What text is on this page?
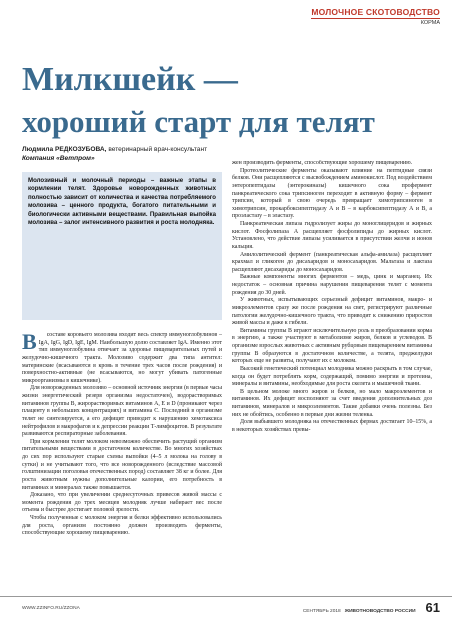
МОЛОЧНОЕ СКОТОВОДСТВО
КОРМА
Милкшейк —
хороший старт для телят
Людмила РЕДКОЗУБОВА, ветеринарный врач-консультант
Компания «Ветпром»
Молозивный и молочный периоды – важные этапы в кормлении телят. Здоровье новорожденных животных полностью зависит от количества и качества потребляемого молозива – ценного продукта, богатого питательными и биологически активными веществами. Правильная выпойка молозива – залог интенсивного развития и роста молодняка.

В составе коровьего молозива входит весь спектр иммуноглобулинов – IgA, IgG, IgD, IgE, IgM. Наибольшую долю составляет IgA. Именно этот тип иммуноглобулина отвечает за здоровье пищеварительных путей и желудочно-кишечного тракта. Молозиво содержит два типа антител: материнские (всасываются в кровь в течение трех часов после рождения) и поверхностно-активные (не всасываются, но могут убивать патогенные микроорганизмы в кишечнике).

Для новорожденных молозиво – основной источник энергии (в первые часы жизни энергетический резерв организма недостаточен), водорастворимых витаминов группы В, жирорастворимых витаминов А, Е и D (проникают через плаценту в небольших концентрациях) и витамина С. Последний в организме телят не синтезируется, а его дефицит приводит к нарушению хемотаксиса нейтрофилов и макрофагов и к депрессии реакции Т-лимфоцитов. В результате развиваются респираторные заболевания.

При кормлении телят молоком невозможно обеспечить растущий организм питательными веществами в достаточном количестве. Во многих хозяйствах до сих пор используют старые схемы выпойки (4–5 л молока на голову в сутки) и не учитывают того, что все новорожденного (вследствие массовой голштинизации поголовья отечественных пород) составляет 38 кг и более. Для роста животным нужны дополнительные калории, его потребность в витаминах и минералах также повышается.

Доказано, что при увеличении среднесуточных привесов живой массы с момента рождения до трех месяцев молодняк лучше набирает вес после отъема и быстрее достигает половой зрелости.

Чтобы полученные с молоком энергия и белки эффективно использовались для роста, организм постоянно должен производить ферменты, способствующие хорошему пищеварению.

жен производить ферменты, способствующие хорошему пищеварению.

Протеолитические ферменты оказывают влияние на пептидные связи белков. Они расщепляются с высвобождением аминокислот. Под воздействием энтеропептидазы (энтерокиназы) кишечного сока профермент панкреатического сока трипсиноген переходит в активную форму – фермент трипсин, который в свою очередь превращает химотрипсиноген в химотрипсин, прокарбоксипептидазу А и В – в карбоксипептидазу А и В, а проэластазу – в эластазу.

Панкреатическая липаза гидролизует жиры до моноглицеридов и жирных кислот. Фосфолипаза А расщепляет фосфолипиды до жирных кислот. Установлено, что действие липазы усиливается в присутствии желчи и ионов кальция.

Амилолитический фермент (панкреатическая альфа-амилаза) расщепляет крахмал и гликоген до дисахаридов и моносахаридов. Мальтаза и лактаза расщепляют дисахариды до моносахаридов.

Важные компоненты многих ферментов – медь, цинк и марганец. Их недостаток – основная причина нарушения пищеварения телят с момента рождения до 30 дней.

У животных, испытывающих серьезный дефицит витаминов, макро- и микроэлементов сразу же после рождения на свет, регистрируют различные патологии желудочно-кишечного тракта, что приводит к снижению приростов живой массы и даже к гибели.

Витамины группы В играют исключительную роль в преобразовании корма в энергию, а также участвуют в метаболизме жиров, белков и углеводов. В организме взрослых животных с активным рубцовым пищеварением витамины группы В образуются в достаточном количестве, а телята, преджелудки которых еще не развиты, получают их с молоком.

Высокий генетический потенциал молодняка можно раскрыть в том случае, когда он будет потреблять корм, содержащий, помимо энергии и протеина, минералы и витамины, необходимые для роста скелета и мышечной ткани.

В цельном молоке много жиров и белков, но мало макроэлементов и витаминов. Их дефицит восполняют за счет введения дополнительных доз витаминов, минералов и микроэлементов. Такие добавки очень полезны. Без них не обойтись, особенно в первые дни жизни теленка.

Доля выбывшего молодняка на отечественных фермах достигает 10–15%, а в некоторых хозяйствах превы-

WWW.ZZINFO.RU/ZZONA
СЕНТЯБРЬ 2018 ЖИВОТНОВОДСТВО РОССИИ 61
